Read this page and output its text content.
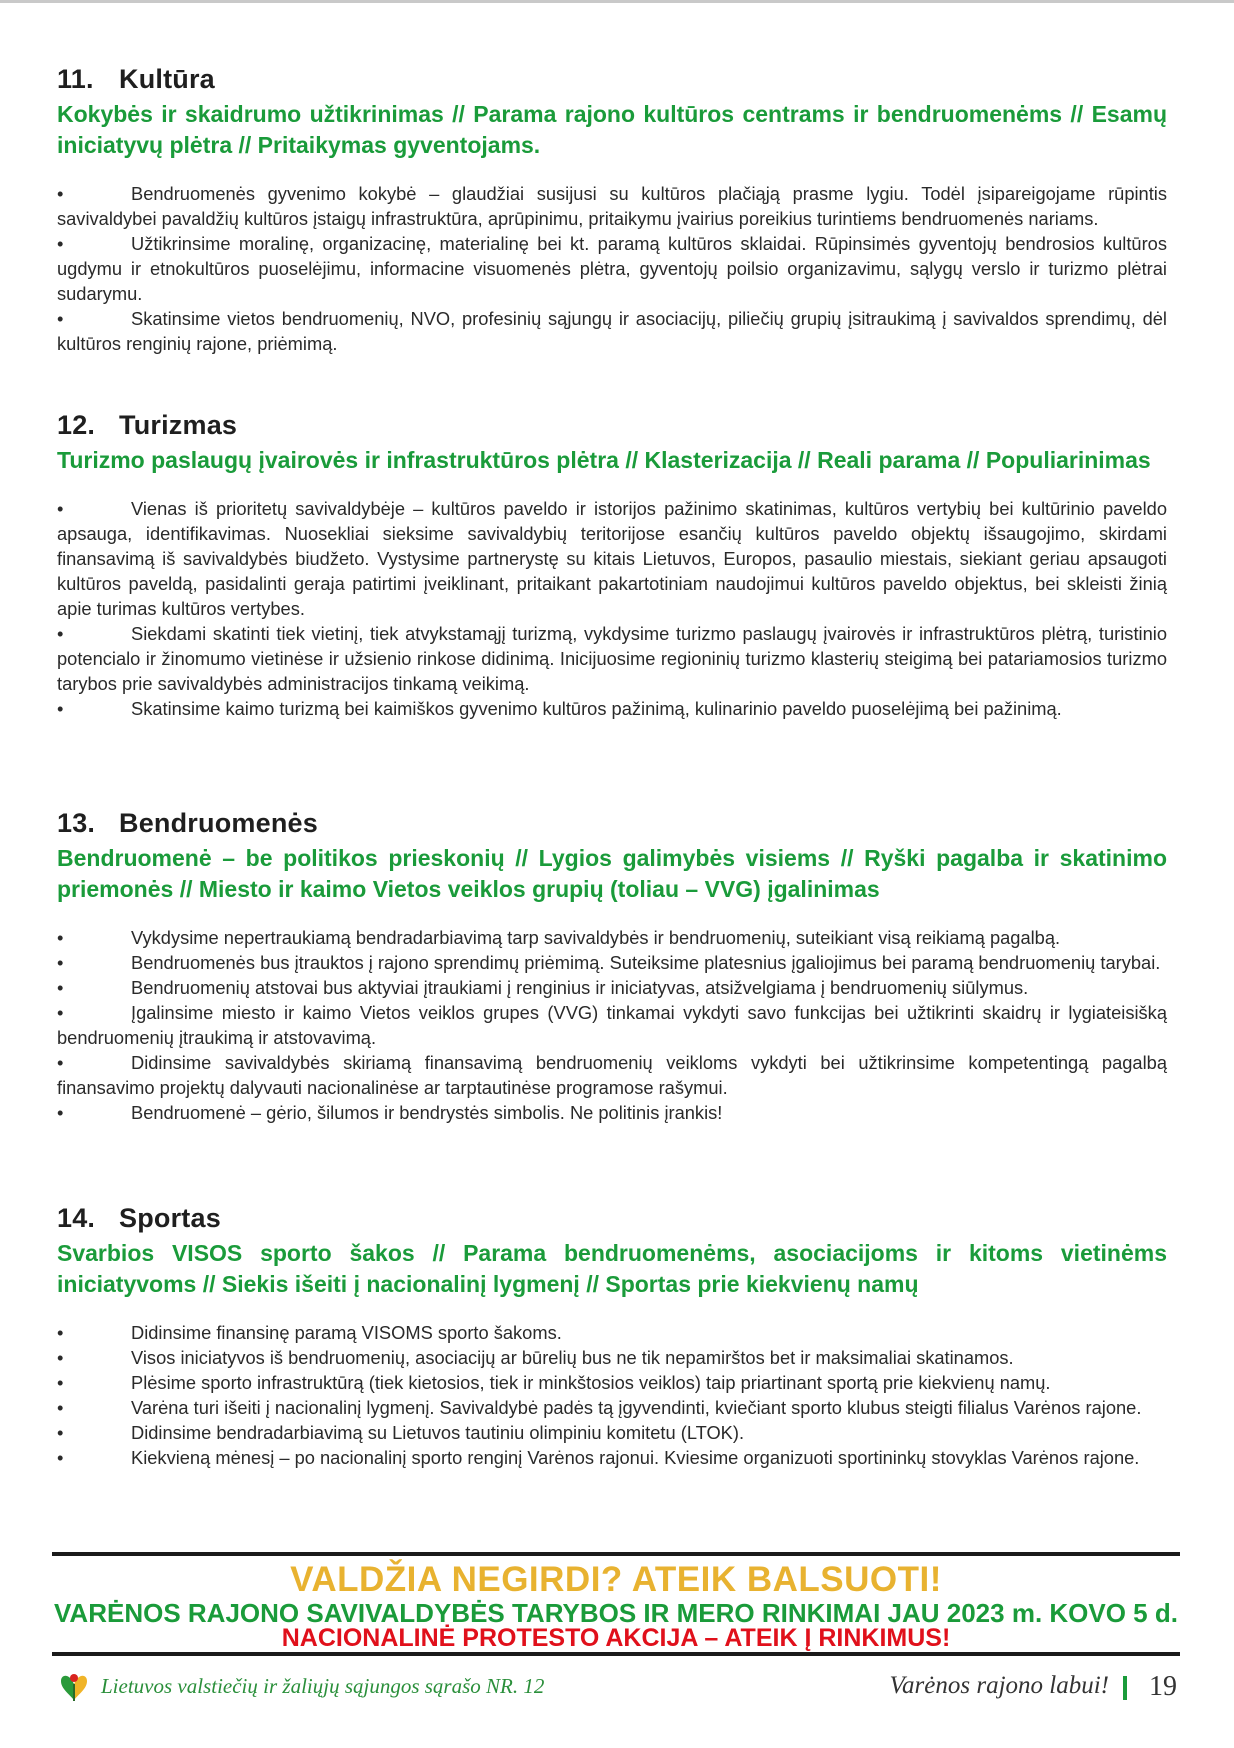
11. Kultūra
Kokybės ir skaidrumo užtikrinimas // Parama rajono kultūros centrams ir bendruomenėms // Esamų iniciatyvų plėtra // Pritaikymas gyventojams.
•	Bendruomenės gyvenimo kokybė – glaudžiai susijusi su kultūros plačiąją prasme lygiu. Todėl įsipareigojame rūpintis savivaldybei pavaldžių kultūros įstaigų infrastruktūra, aprūpinimu, pritaikymu įvairius poreikius turintiems bendruomenės nariams.
•	Užtikrinsime moralinę, organizacinę, materialinę bei kt. paramą kultūros sklaidai. Rūpinsimės gyventojų bendrosios kultūros ugdymu ir etnokultūros puoselėjimu, informacine visuomenės plėtra, gyventojų poilsio organizavimu, sąlygų verslo ir turizmo plėtrai sudarymu.
•	Skatinsime vietos bendruomenių, NVO, profesinių sąjungų ir asociacijų, piliečių grupių įsitraukimą į savivaldos sprendimų, dėl kultūros renginių rajone, priėmimą.
12. Turizmas
Turizmo paslaugų įvairovės ir infrastruktūros plėtra // Klasterizacija // Reali parama // Populiarinimas
•	Vienas iš prioritetų savivaldybėje – kultūros paveldo ir istorijos pažinimo skatinimas, kultūros vertybių bei kultūrinio paveldo apsauga, identifikavimas. Nuosekliai sieksime savivaldybių teritorijose esančių kultūros paveldo objektų išsaugojimo, skirdami finansavimą iš savivaldybės biudžeto. Vystysime partnerystę su kitais Lietuvos, Europos, pasaulio miestais, siekiant geriau apsaugoti kultūros paveldą, pasidalinti geraja patirtimi įveiklinant, pritaikant pakartotiniam naudojimui kultūros paveldo objektus, bei skleisti žinią apie turimas kultūros vertybes.
•	Siekdami skatinti tiek vietinį, tiek atvykstamąjį turizmą, vykdysime turizmo paslaugų įvairovės ir infrastruktūros plėtrą, turistinio potencialo ir žinomumo vietinėse ir užsienio rinkose didinimą. Inicijuosime regioninių turizmo klasterių steigimą bei patariamosios turizmo tarybos prie savivaldybės administracijos tinkamą veikimą.
•	Skatinsime kaimo turizmą bei kaimiškos gyvenimo kultūros pažinimą, kulinarinio paveldo puoselėjimą bei pažinimą.
13. Bendruomenės
Bendruomenė – be politikos prieskonių // Lygios galimybės visiems // Ryški pagalba ir skatinimo priemonės // Miesto ir kaimo Vietos veiklos grupių (toliau – VVG) įgalinimas
•	Vykdysime nepertraukiamą bendradarbiavimą tarp savivaldybės ir bendruomenių, suteikiant visą reikiamą pagalbą.
•	Bendruomenės bus įtrauktos į rajono sprendimų priėmimą. Suteiksime platesnius įgaliojimus bei paramą bendruomenių tarybai.
•	Bendruomenių atstovai bus aktyviai įtraukiami į renginius ir iniciatyvas, atsižvelgiama į bendruomenių siūlymus.
•	Įgalinsime miesto ir kaimo Vietos veiklos grupes (VVG) tinkamai vykdyti savo funkcijas bei užtikrinti skaidrų ir lygiateisišką bendruomenių įtraukimą ir atstovavimą.
•	Didinsime savivaldybės skiriamą finansavimą bendruomenių veikloms vykdyti bei užtikrinsime kompetentingą pagalbą finansavimo projektų dalyvauti nacionalinėse ar tarptautinėse programose rašymui.
•	Bendruomenė – gėrio, šilumos ir bendrystės simbolis. Ne politinis įrankis!
14. Sportas
Svarbios VISOS sporto šakos // Parama bendruomenėms, asociacijoms ir kitoms vietinėms iniciatyvoms // Siekis išeiti į nacionalinį lygmenį // Sportas prie kiekvienų namų
•	Didinsime finansinę paramą VISOMS sporto šakoms.
•	Visos iniciatyvos iš bendruomenių, asociacijų ar būrelių bus ne tik nepamirštos bet ir maksimaliai skatinamos.
•	Plėsime sporto infrastruktūrą (tiek kietosios, tiek ir minkštosios veiklos) taip priartinant sportą prie kiekvienų namų.
•	Varėna turi išeiti į nacionalinį lygmenį. Savivaldybė padės tą įgyvendinti, kviečiant sporto klubus steigti filialus Varėnos rajone.
•	Didinsime bendradarbiavimą su Lietuvos tautiniu olimpiniu komitetu (LTOK).
•	Kiekvieną mėnesį – po nacionalinį sporto renginį Varėnos rajonui. Kviesime organizuoti sportininkų stovyklas Varėnos rajone.
VALDŽIA NEGIRDI? ATEIK BALSUOTI!
VARĖNOS RAJONO SAVIVALDYBĖS TARYBOS IR MERO RINKIMAI JAU 2023 m. KOVO 5 d.
NACIONALINĖ PROTESTO AKCIJA – ATEIK Į RINKIMUS!
Lietuvos valstiečių ir žaliųjų sąjungos sąrašo NR. 12	Varėnos rajono labui! 19
